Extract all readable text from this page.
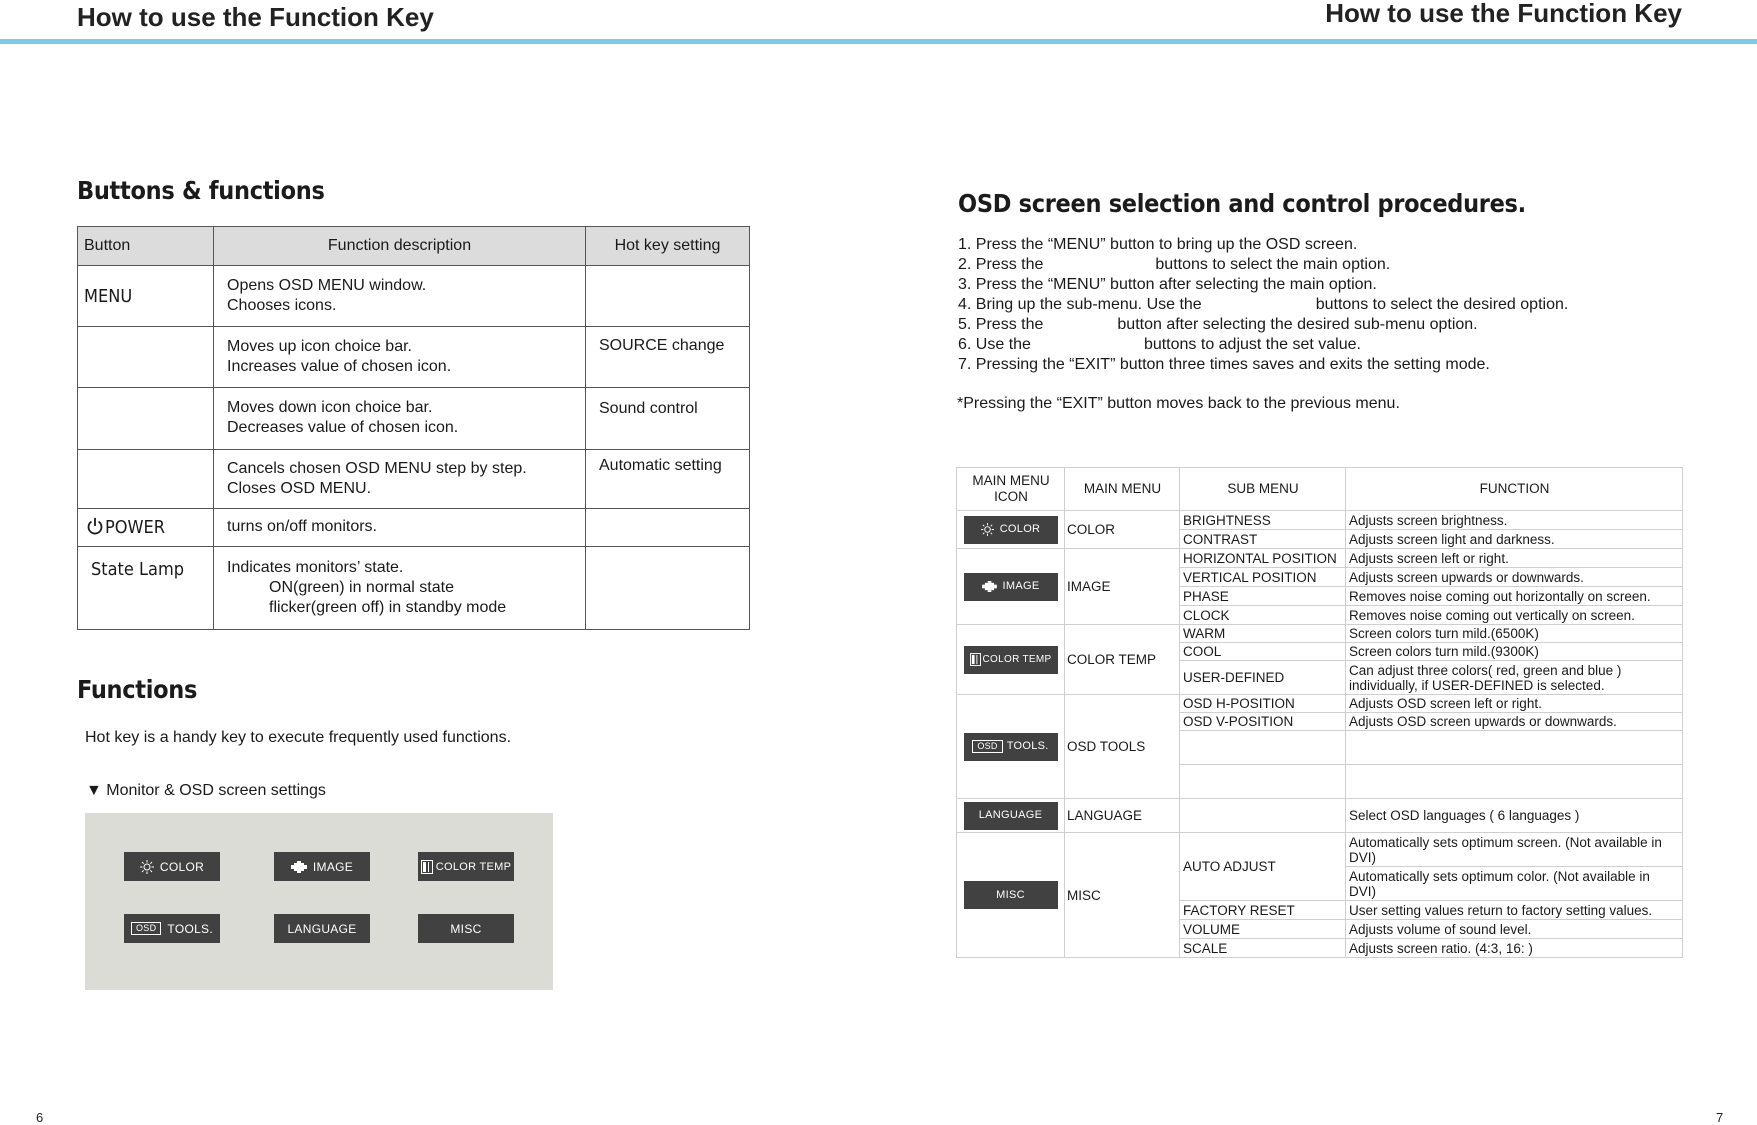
How to use the Function Key	How to use the Function Key
Buttons & functions
Button	Function description	Hot key setting
MENU	Opens OSD MENU window.
Chooses icons.	

	Moves up icon choice bar.
Increases value of chosen icon.	SOURCE change

	Moves down icon choice bar.
Decreases value of chosen icon.	Sound control

	Cancels chosen OSD MENU step by step.
Closes OSD MENU.	Automatic setting
POWER	turns on/off monitors.	

State Lamp	Indicates monitors’ state.
ON(green) in normal state
flicker(green off) in standby mode	

Functions
Hot key is a handy key to execute frequently used functions.
▼ Monitor & OSD screen settings
COLOR	IMAGE	COLOR TEMP
OSD TOOLS.	LANGUAGE	MISC
6
OSD screen selection and control procedures.
1. Press the “MENU” button to bring up the OSD screen.
2. Press the	buttons to select the main option.
3. Press the “MENU” button after selecting the main option.
4. Bring up the sub-menu. Use the	buttons to select the desired option.
5. Press the	button after selecting the desired sub-menu option.
6. Use the	buttons to adjust the set value.
7. Pressing the “EXIT” button three times saves and exits the setting mode.
*Pressing the “EXIT” button moves back to the previous menu.
MAIN MENU ICON	MAIN MENU	SUB MENU	FUNCTION

COLOR	COLOR	BRIGHTNESS	Adjusts screen brightness.
		CONTRAST	Adjusts screen light and darkness.

IMAGE	IMAGE	HORIZONTAL POSITION	Adjusts screen left or right.
		VERTICAL POSITION	Adjusts screen upwards or downwards.
		PHASE	Removes noise coming out horizontally on screen.
		CLOCK	Removes noise coming out vertically on screen.

COLOR TEMP	COLOR TEMP	WARM	Screen colors turn mild.(6500K)
		COOL	Screen colors turn mild.(9300K)
		USER-DEFINED	Can adjust three colors( red, green and blue ) individually, if USER-DEFINED is selected.

OSD TOOLS.	OSD TOOLS	OSD H-POSITION	Adjusts OSD screen left or right.
		OSD V-POSITION	Adjusts OSD screen upwards or downwards.

LANGUAGE	LANGUAGE		Select OSD languages ( 6 languages )

MISC	MISC	AUTO ADJUST	Automatically sets optimum screen. (Not available in DVI)
			Automatically sets optimum color. (Not available in DVI)
		FACTORY RESET	User setting values return to factory setting values.
		VOLUME	Adjusts volume of sound level.
		SCALE	Adjusts screen ratio. (4:3, 16: )
7
